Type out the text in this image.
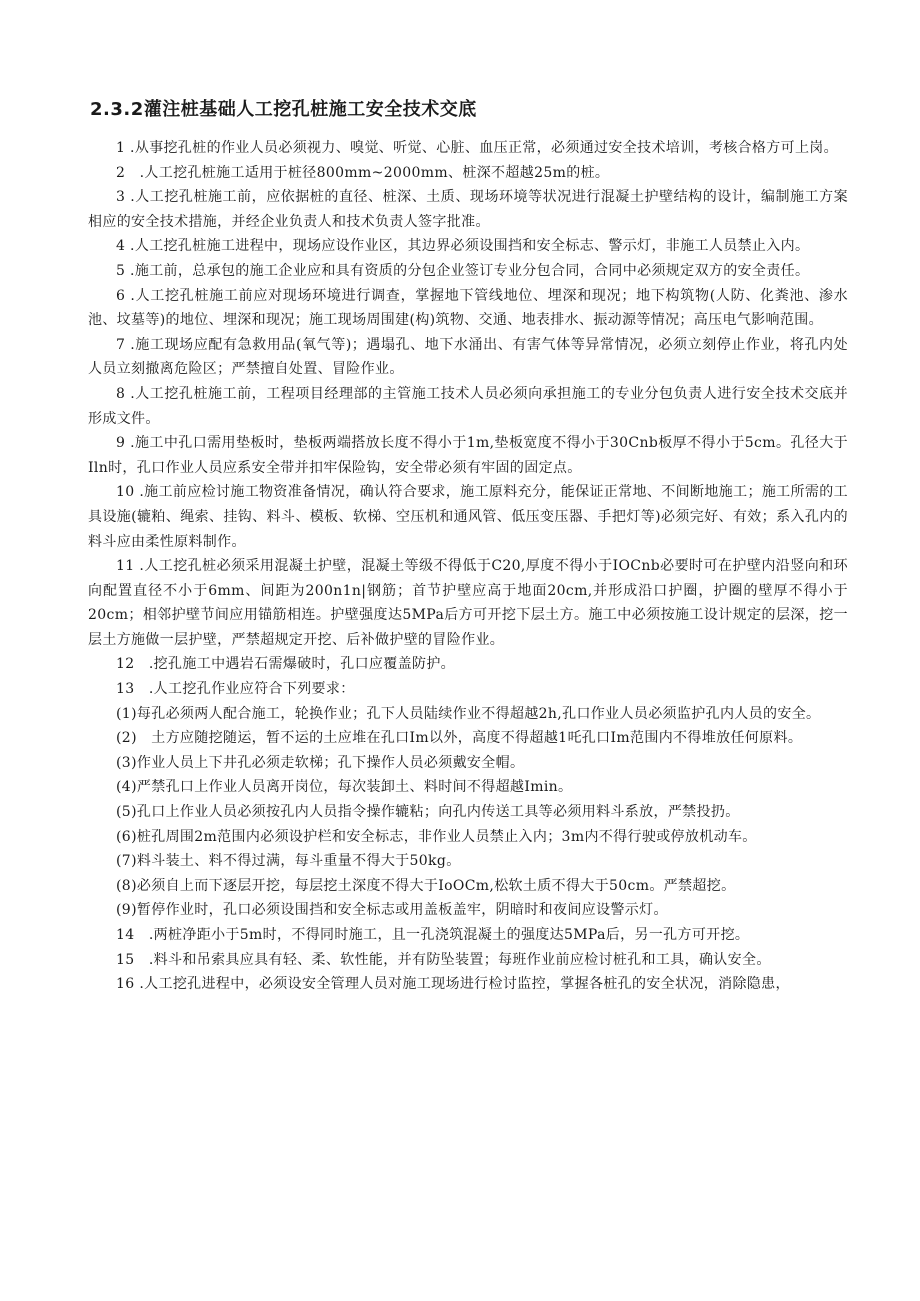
2.3.2灌注桩基础人工挖孔桩施工安全技术交底

1 .从事挖孔桩的作业人员必须视力、嗅觉、听觉、心脏、血压正常，必须通过安全技术培训，考核合格方可上岗。

2　.人工挖孔桩施工适用于桩径800mm~2000mm、桩深不超越25m的桩。

3 .人工挖孔桩施工前，应依据桩的直径、桩深、土质、现场环境等状况进行混凝土护壁结构的设计，编制施工方案相应的安全技术措施，并经企业负责人和技术负责人签字批准。

4 .人工挖孔桩施工进程中，现场应设作业区，其边界必须设围挡和安全标志、警示灯，非施工人员禁止入内。

5 .施工前，总承包的施工企业应和具有资质的分包企业签订专业分包合同，合同中必须规定双方的安全责任。

6 .人工挖孔桩施工前应对现场环境进行调查，掌握地下管线地位、埋深和现况；地下构筑物(人防、化粪池、渗水池、坟墓等)的地位、埋深和现况；施工现场周围建(构)筑物、交通、地表排水、振动源等情况；高压电气影响范围。

7 .施工现场应配有急救用品(氧气等)；遇塌孔、地下水涌出、有害气体等异常情况，必须立刻停止作业，将孔内处人员立刻撤离危险区；严禁擅自处置、冒险作业。

8 .人工挖孔桩施工前，工程项目经理部的主管施工技术人员必须向承担施工的专业分包负责人进行安全技术交底并形成文件。

9 .施工中孔口需用垫板时，垫板两端搭放长度不得小于1m,垫板宽度不得小于30Cnb板厚不得小于5cm。孔径大于Iln时，孔口作业人员应系安全带并扣牢保险钩，安全带必须有牢固的固定点。

10 .施工前应检讨施工物资准备情况，确认符合要求，施工原料充分，能保证正常地、不间断地施工；施工所需的工具设施(辘粕、绳索、挂钩、料斗、模板、软梯、空压机和通风管、低压变压器、手把灯等)必须完好、有效；系入孔内的料斗应由柔性原料制作。

11 .人工挖孔桩必须采用混凝土护壁，混凝土等级不得低于C20,厚度不得小于IOCnb必要时可在护壁内沿竖向和环向配置直径不小于6mm、间距为200n1n|钢筋；首节护壁应高于地面20cm,并形成沿口护圈，护圈的壁厚不得小于20cm；相邻护壁节间应用锚筋相连。护壁强度达5MPa后方可开挖下层土方。施工中必须按施工设计规定的层深，挖一层土方施做一层护壁，严禁超规定开挖、后补做护壁的冒险作业。

12　.挖孔施工中遇岩石需爆破时，孔口应覆盖防护。

13　.人工挖孔作业应符合下列要求：

(1)每孔必须两人配合施工，轮换作业；孔下人员陆续作业不得超越2h,孔口作业人员必须监护孔内人员的安全。

(2)　土方应随挖随运，暂不运的土应堆在孔口Im以外，高度不得超越1吒孔口Im范围内不得堆放任何原料。

(3)作业人员上下井孔必须走软梯；孔下操作人员必须戴安全帽。

(4)严禁孔口上作业人员离开岗位，每次装卸土、料时间不得超越Imin。

(5)孔口上作业人员必须按孔内人员指令操作辘粘；向孔内传送工具等必须用料斗系放，严禁投扔。

(6)桩孔周围2m范围内必须设护栏和安全标志，非作业人员禁止入内；3m内不得行驶或停放机动车。

(7)料斗装土、料不得过满，每斗重量不得大于50kg。

(8)必须自上而下逐层开挖，每层挖土深度不得大于IoOCm,松软土质不得大于50cm。严禁超挖。

(9)暂停作业时，孔口必须设围挡和安全标志或用盖板盖牢，阴暗时和夜间应设警示灯。

14　.两桩净距小于5m时，不得同时施工，且一孔浇筑混凝土的强度达5MPa后，另一孔方可开挖。

15　.料斗和吊索具应具有轻、柔、软性能，并有防坠装置；每班作业前应检讨桩孔和工具，确认安全。

16 .人工挖孔进程中，必须设安全管理人员对施工现场进行检讨监控，掌握各桩孔的安全状况，消除隐患，
